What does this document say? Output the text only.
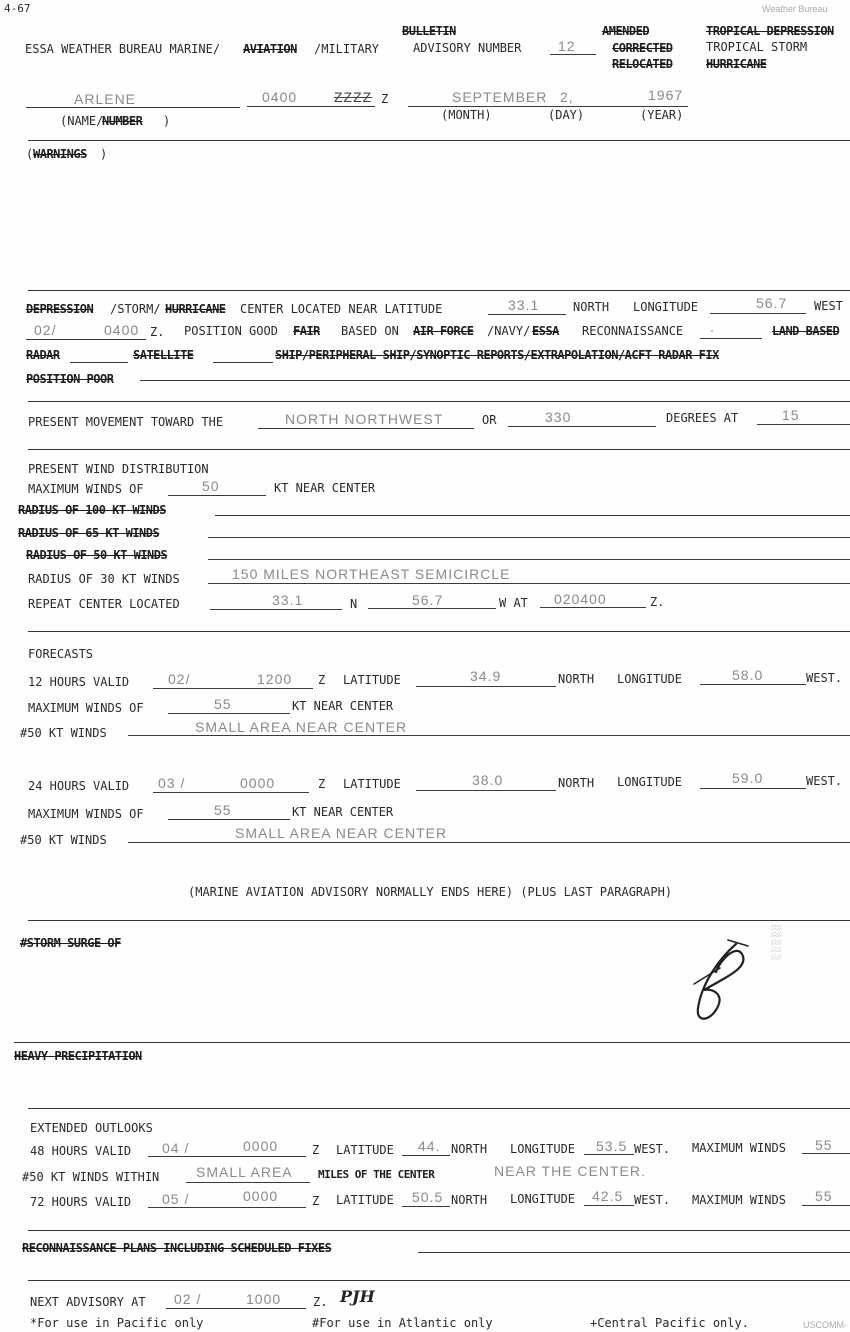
4-67	Weather Bureau
ESSA WEATHER BUREAU MARINE/ AVIATION /MILITARY
BULLETIN
ADVISORY NUMBER	12
AMENDED
CORRECTED
RELOCATED
TROPICAL DEPRESSION
TROPICAL STORM
HURRICANE
ARLENE	0400	ZZZZ Z	SEPTEMBER 2,	1967
(NAME/
NUMBER )	(MONTH)	(DAY)	(YEAR)
( WARNINGS )
DEPRESSION /STORM/ HURRICANE CENTER LOCATED NEAR LATITUDE	33.1	NORTH LONGITUDE	56.7 WEST
02/	0400 Z. POSITION GOOD FAIR BASED ON AIR FORCE /NAVY/ ESSA RECONNAISSANCE .	LAND BASED
RADAR	SATELLITE	SHIP/PERIPHERAL SHIP/SYNOPTIC REPORTS/EXTRAPOLATION/ACFT RADAR FIX
POSITION POOR
PRESENT MOVEMENT TOWARD THE	NORTH NORTHWEST	OR	330	DEGREES AT	15
PRESENT WIND DISTRIBUTION
MAXIMUM WINDS OF	50	KT NEAR CENTER
RADIUS OF 100 KT WINDS
RADIUS OF 65 KT WINDS
RADIUS OF 50 KT WINDS
RADIUS OF 30 KT WINDS	150 MILES NORTHEAST SEMICIRCLE
REPEAT CENTER LOCATED	33.1	N	56.7	W AT 020400	Z.
FORECASTS
12 HOURS VALID	02/	1200 Z LATITUDE	34.9	NORTH LONGITUDE	58.0	WEST.
MAXIMUM WINDS OF	55	KT NEAR CENTER
#50 KT WINDS	SMALL AREA NEAR CENTER
24 HOURS VALID 03 /	0000	Z LATITUDE	38.0	NORTH LONGITUDE	59.0	WEST.
MAXIMUM WINDS OF	55	KT NEAR CENTER
#50 KT WINDS	SMALL AREA NEAR CENTER
(MARINE AVIATION ADVISORY NORMALLY ENDS HERE) (PLUS LAST PARAGRAPH)
#STORM SURGE OF	░░░░░
HEAVY PRECIPITATION
EXTENDED OUTLOOKS
48 HOURS VALID 04 /	0000	Z LATITUDE 44. NORTH LONGITUDE 53.5 WEST. MAXIMUM WINDS 55
#50 KT WINDS WITHIN	SMALL AREA MILES OF THE CENTER	NEAR THE CENTER.
72 HOURS VALID 05 /	0000	Z LATITUDE 50.5 NORTH LONGITUDE 42.5 WEST. MAXIMUM WINDS 55
RECONNAISSANCE PLANS INCLUDING SCHEDULED FIXES
NEXT ADVISORY AT 02 /	1000	Z. PJH
*For use in Pacific only	#For use in Atlantic only	+Central Pacific only.	USCOMM-
